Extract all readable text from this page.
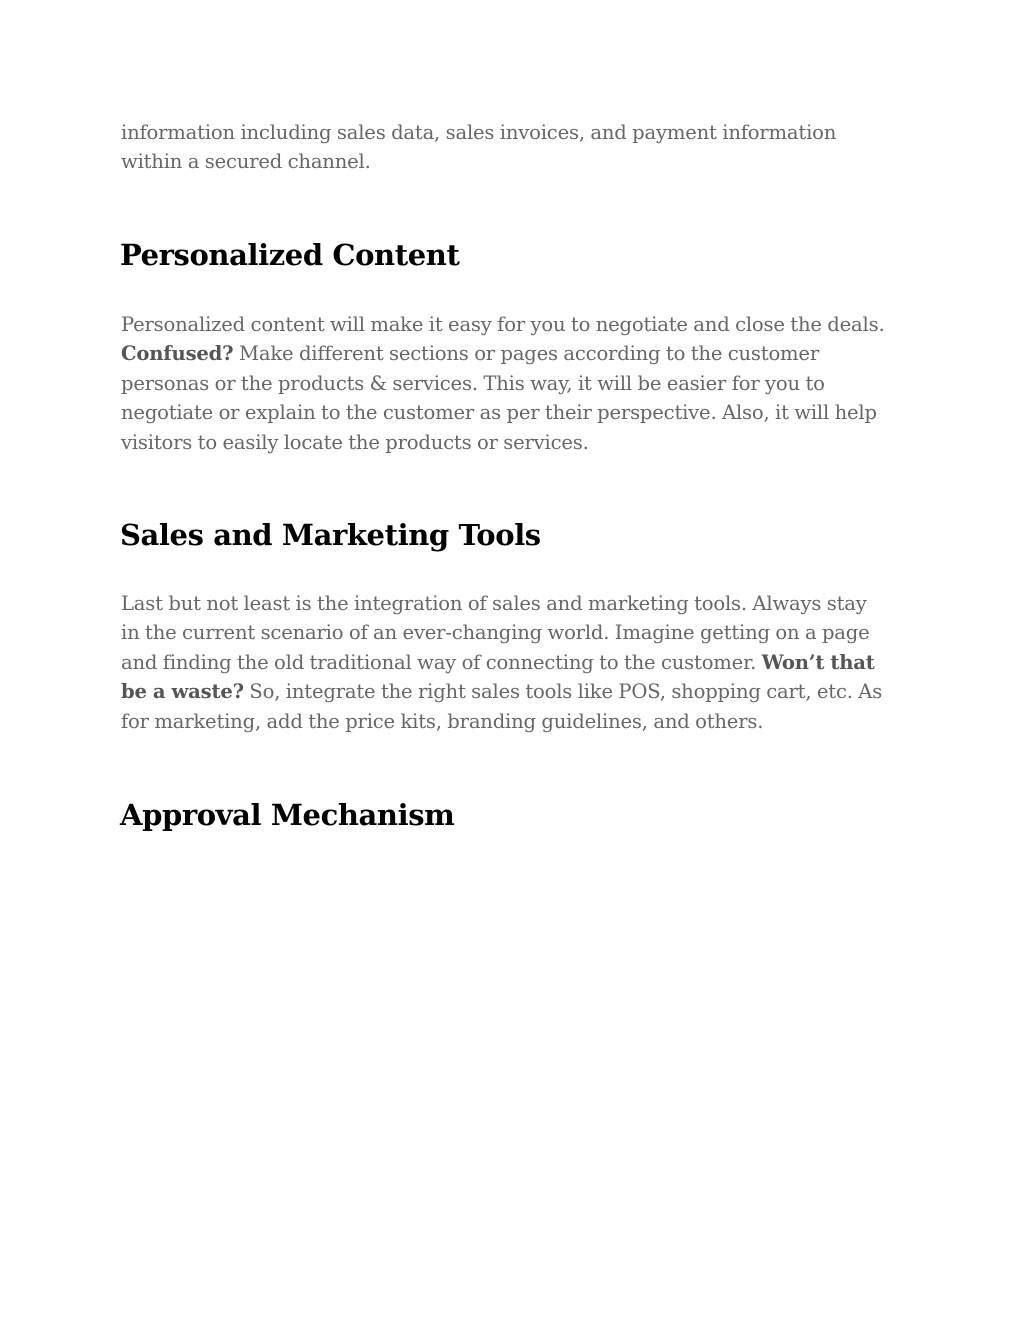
information including sales data, sales invoices, and payment information
within a secured channel.

Personalized Content

Personalized content will make it easy for you to negotiate and close the deals.
Confused? Make different sections or pages according to the customer
personas or the products & services. This way, it will be easier for you to
negotiate or explain to the customer as per their perspective. Also, it will help
visitors to easily locate the products or services.

Sales and Marketing Tools

Last but not least is the integration of sales and marketing tools. Always stay
in the current scenario of an ever-changing world. Imagine getting on a page
and finding the old traditional way of connecting to the customer. Won’t that
be a waste? So, integrate the right sales tools like POS, shopping cart, etc. As
for marketing, add the price kits, branding guidelines, and others.

Approval Mechanism
